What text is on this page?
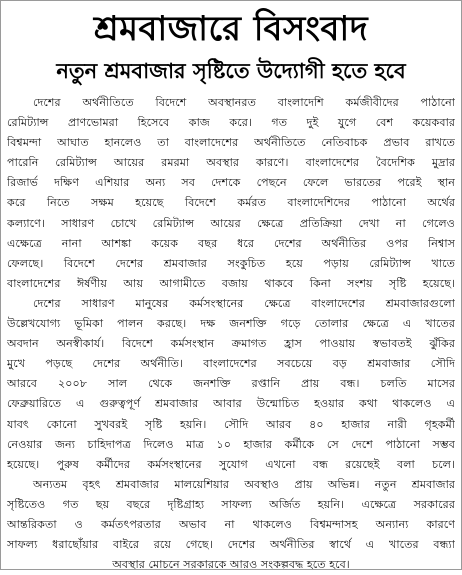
শ্রমবাজারে বিসংবাদ
নতুন শ্রমবাজার সৃষ্টিতে উদ্যোগী হতে হবে
দেশের অর্থনীতিতে বিদেশে অবস্থানরত বাংলাদেশি কর্মজীবীদের পাঠানো
রেমিট্যান্স প্রাণভোমরা হিসেবে কাজ করে। গত দুই যুগে বেশ কয়েকবার
বিশ্বমন্দা আঘাত হানলেও তা বাংলাদেশের অর্থনীতিতে নেতিবাচক প্রভাব রাখতে
পারেনি রেমিট্যান্স আয়ের রমরমা অবস্থার কারণে। বাংলাদেশের বৈদেশিক মুদ্রার
রিজার্ভ দক্ষিণ এশিয়ার অন্য সব দেশকে পেছনে ফেলে ভারতের পরেই স্থান
করে নিতে সক্ষম হয়েছে বিদেশে কর্মরত বাংলাদেশিদের পাঠানো অর্থের
কল্যাণে। সাধারণ চোখে রেমিট্যান্স আয়ের ক্ষেত্রে প্রতিক্রিয়া দেখা না গেলেও
এক্ষেত্রে নানা আশঙ্কা কয়েক বছর ধরে দেশের অর্থনীতির ওপর নিশ্বাস
ফেলছে। বিদেশে দেশের শ্রমবাজার সংকুচিত হয়ে পড়ায় রেমিট্যান্স খাতে
বাংলাদেশের ঈর্ষণীয় আয় আগামীতে বজায় থাকবে কিনা সংশয় সৃষ্টি হয়েছে।
দেশের সাধারণ মানুষের কর্মসংস্থানের ক্ষেত্রে বাংলাদেশের শ্রমবাজারগুলো
উল্লেখযোগ্য ভূমিকা পালন করছে। দক্ষ জনশক্তি গড়ে তোলার ক্ষেত্রে এ খাতের
অবদান অনস্বীকার্য। বিদেশে কর্মসংস্থান ক্রমাগত হ্রাস পাওয়ায় স্বভাবতই ঝুঁকির
মুখে পড়ছে দেশের অর্থনীতি। বাংলাদেশের সবচেয়ে বড় শ্রমবাজার সৌদি
আরবে ২০০৮ সাল থেকে জনশক্তি রপ্তানি প্রায় বন্ধ। চলতি মাসের
ফেব্রুয়ারিতে এ গুরুত্বপূর্ণ শ্রমবাজার আবার উন্মোচিত হওয়ার কথা থাকলেও এ
যাবৎ কোনো সুখবরই সৃষ্টি হয়নি। সৌদি আরব ৪০ হাজার নারী গৃহকর্মী
নেওয়ার জন্য চাহিদাপত্র দিলেও মাত্র ১০ হাজার কর্মীকে সে দেশে পাঠানো সম্ভব
হয়েছে। পুরুষ কর্মীদের কর্মসংস্থানের সুযোগ এখনো বন্ধ রয়েছেই বলা চলে।
অন্যতম বৃহৎ শ্রমবাজার মালয়েশিয়ার অবস্থাও প্রায় অভিন্ন। নতুন শ্রমবাজার
সৃষ্টিতেও গত ছয় বছরে দৃষ্টিগ্রাহ্য সাফল্য অর্জিত হয়নি। এক্ষেত্রে সরকারের
আন্তরিকতা ও কর্মতৎপরতার অভাব না থাকলেও বিশ্বমন্দাসহ অন্যান্য কারণে
সাফল্য ধরাছোঁয়ার বাইরে রয়ে গেছে। দেশের অর্থনীতির স্বার্থে এ খাতের বন্ধ্যা
অবস্থার মোচনে সরকারকে আরও সংকল্পবদ্ধ হতে হবে।
